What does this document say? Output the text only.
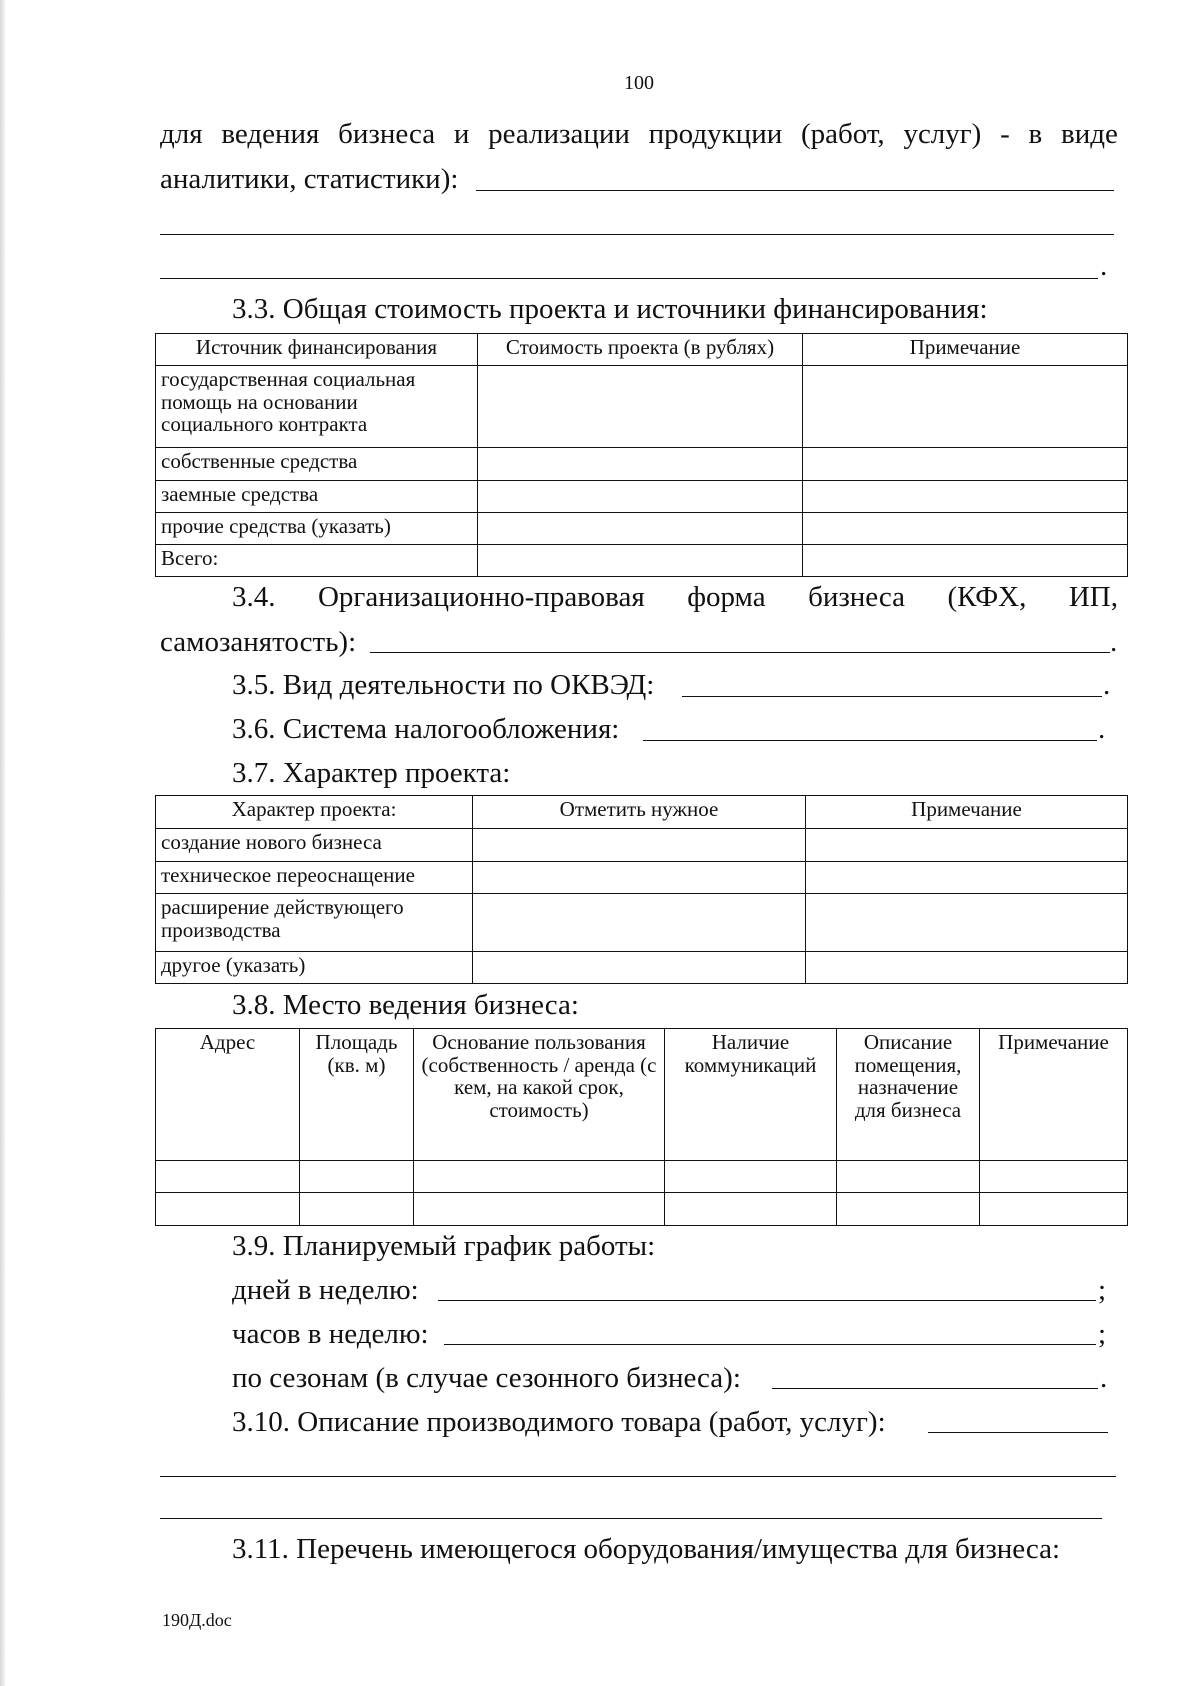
100
для ведения бизнеса и реализации продукции (работ, услуг) - в виде
аналитики, статистики):
.
3.3. Общая стоимость проекта и источники финансирования:
Источник финансирования	Стоимость проекта (в рублях)	Примечание
государственная социальная помощь на основании социального контракта		
собственные средства		
заемные средства		
прочие средства (указать)		
Всего:		
3.4. Организационно-правовая форма бизнеса (КФХ, ИП,
самозанятость):	.
3.5. Вид деятельности по ОКВЭД:	.
3.6. Система налогообложения:	.
3.7. Характер проекта:
Характер проекта:	Отметить нужное	Примечание
создание нового бизнеса		
техническое переоснащение		
расширение действующего производства		
другое (указать)		
3.8. Место ведения бизнеса:
Адрес	Площадь (кв. м)	Основание пользования (собственность / аренда (с кем, на какой срок, стоимость)	Наличие коммуникаций	Описание помещения, назначение для бизнеса	Примечание

3.9. Планируемый график работы:
дней в неделю:	;
часов в неделю:	;
по сезонам (в случае сезонного бизнеса):	.
3.10. Описание производимого товара (работ, услуг):
3.11. Перечень имеющегося оборудования/имущества для бизнеса:
190Д.doc
